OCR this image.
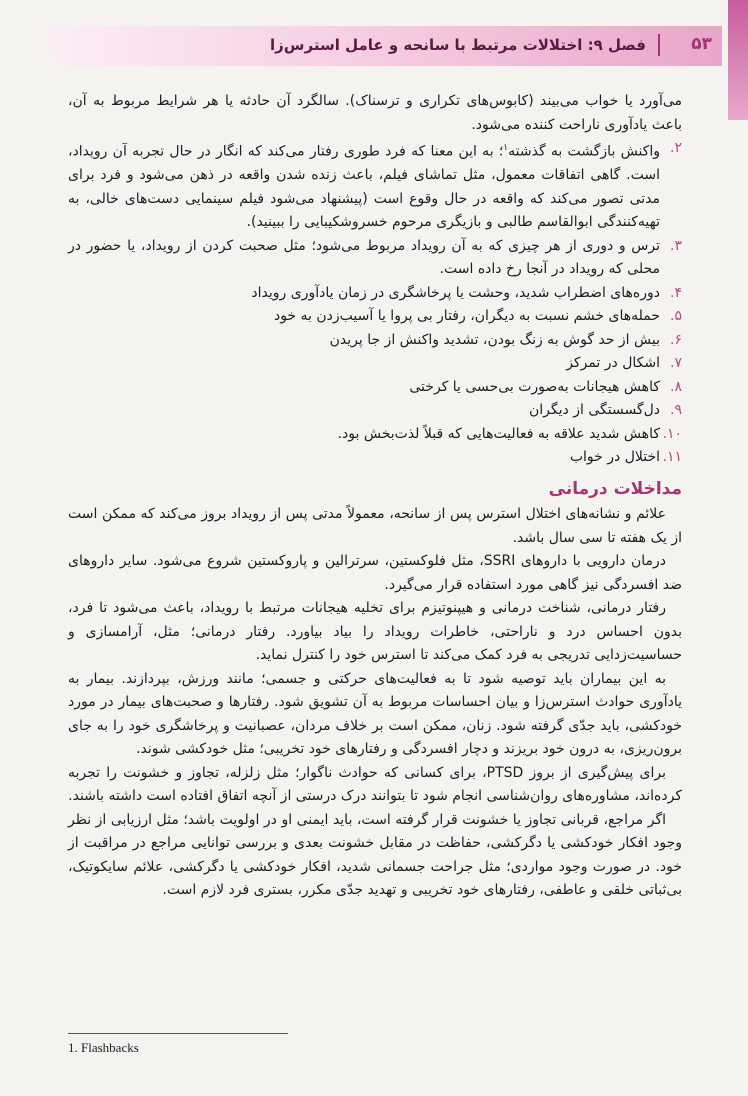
۵۳
فصل ۹: اختلالات مرتبط با سانحه و عامل استرس‌زا

می‌آورد یا خواب می‌بیند (کابوس‌های تکراری و ترسناک). سالگرد آن حادثه یا هر شرایط مربوط به آن، باعث یادآوری ناراحت کننده می‌شود.

۲.
واکنش بازگشت به گذشته$^۱$؛ به این معنا که فرد طوری رفتار می‌کند که انگار در حال تجربه آن رویداد، است. گاهی اتفاقات معمول، مثل تماشای فیلم، باعث زنده شدن واقعه در ذهن می‌شود و فرد برای مدتی تصور می‌کند که واقعه در حال وقوع است (پیشنهاد می‌شود فیلم سینمایی دست‌های خالی، به تهیه‌کنندگی ابوالقاسم طالبی و بازیگری مرحوم خسروشکیبایی را ببینید).
۳.
ترس و دوری از هر چیزی که به آن رویداد مربوط می‌شود؛ مثل صحبت کردن از رویداد، یا حضور در محلی که رویداد در آنجا رخ داده است.
۴.
دوره‌های اضطراب شدید، وحشت یا پرخاشگری در زمان یادآوری رویداد
۵.
حمله‌های خشم نسبت به دیگران، رفتار بی پروا یا آسیب‌زدن به خود
۶.
بیش از حد گوش به زنگ بودن، تشدید واکنش از جا پریدن
۷.
اشکال در تمرکز
۸.
کاهش هیجانات به‌صورت بی‌حسی یا کرختی
۹.
دل‌گسستگی از دیگران
۱۰.
کاهش شدید علاقه به فعالیت‌هایی که قبلاً لذت‌بخش بود.
۱۱.
اختلال در خواب
مداخلات درمانی

علائم و نشانه‌های اختلال استرس پس از سانحه، معمولاً مدتی پس از رویداد بروز می‌کند که ممکن است از یک هفته تا سی سال باشد.

درمان دارویی با داروهای SSRI، مثل فلوکستین، سرترالین و پاروکستین شروع می‌شود. سایر داروهای ضد افسردگی نیز گاهی مورد استفاده قرار می‌گیرد.

رفتار درمانی، شناخت درمانی و هیپنوتیزم برای تخلیه هیجانات مرتبط با رویداد، باعث می‌شود تا فرد، بدون احساس درد و ناراحتی، خاطرات رویداد را بیاد بیاورد. رفتار درمانی؛ مثل، آرامسازی و حساسیت‌زدایی تدریجی به فرد کمک می‌کند تا استرس خود را کنترل نماید.

به این بیماران باید توصیه شود تا به فعالیت‌های حرکتی و جسمی؛ مانند ورزش، بپردازند. بیمار به یادآوری حوادث استرس‌زا و بیان احساسات مربوط به آن تشویق شود. رفتارها و صحبت‌های بیمار در مورد خودکشی، باید جدّی گرفته شود. زنان، ممکن است بر خلاف مردان، عصبانیت و پرخاشگری خود را به جای برون‌ریزی، به درون خود بریزند و دچار افسردگی و رفتارهای خود تخریبی؛ مثل خودکشی شوند.

برای پیش‌گیری از بروز PTSD، برای کسانی که حوادث ناگوار؛ مثل زلزله، تجاوز و خشونت را تجربه کرده‌اند، مشاوره‌های روان‌شناسی انجام شود تا بتوانند درک درستی از آنچه اتفاق افتاده است داشته باشند.

اگر مراجع، قربانی تجاوز یا خشونت قرار گرفته است، باید ایمنی او در اولویت باشد؛ مثل ارزیابی از نظر وجود افکار خودکشی یا دگرکشی، حفاظت در مقابل خشونت بعدی و بررسی توانایی مراجع در مراقبت از خود. در صورت وجود مواردی؛ مثل جراحت جسمانی شدید، افکار خودکشی یا دگرکشی، علائم سایکوتیک، بی‌ثباتی خلقی و عاطفی، رفتارهای خود تخریبی و تهدید جدّی مکرر، بستری فرد لازم است.

1. Flashbacks
